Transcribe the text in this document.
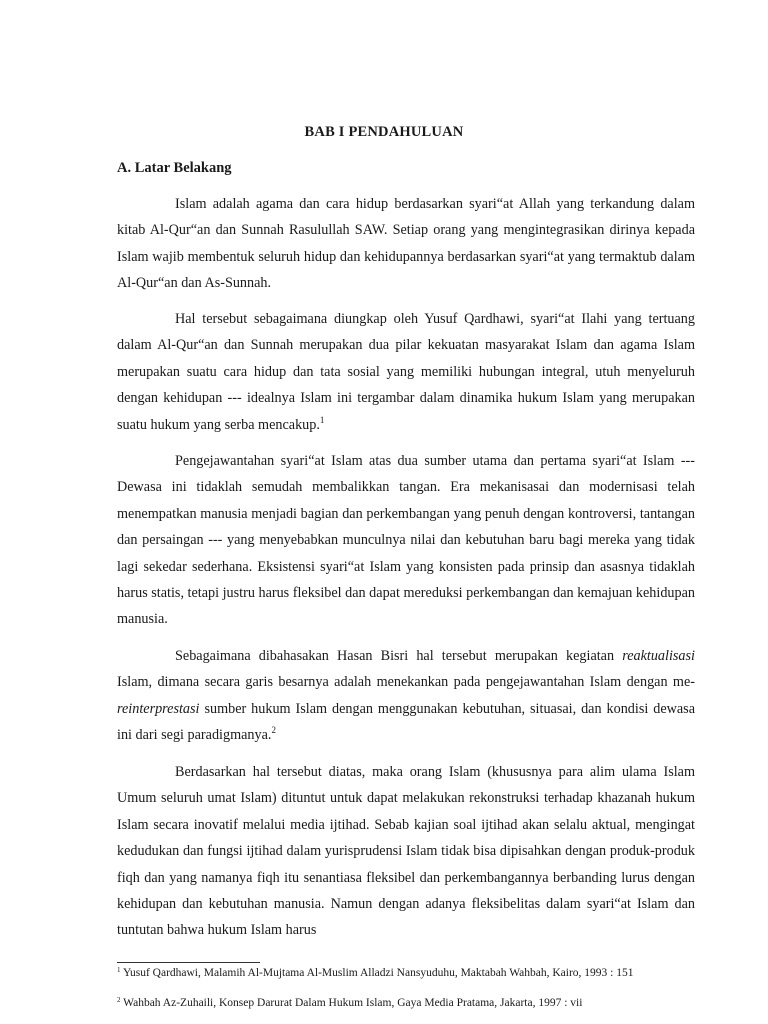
BAB I PENDAHULUAN
A. Latar Belakang

Islam adalah agama dan cara hidup berdasarkan syari“at Allah yang terkandung dalam kitab Al-Qur“an dan Sunnah Rasulullah SAW. Setiap orang yang mengintegrasikan dirinya kepada Islam wajib membentuk seluruh hidup dan kehidupannya berdasarkan syari“at yang termaktub dalam Al-Qur“an dan As-Sunnah.

Hal tersebut sebagaimana diungkap oleh Yusuf Qardhawi, syari“at Ilahi yang tertuang dalam Al-Qur“an dan Sunnah merupakan dua pilar kekuatan masyarakat Islam dan agama Islam merupakan suatu cara hidup dan tata sosial yang memiliki hubungan integral, utuh menyeluruh dengan kehidupan --- idealnya Islam ini tergambar dalam dinamika hukum Islam yang merupakan suatu hukum yang serba mencakup.$^1$

Pengejawantahan syari“at Islam atas dua sumber utama dan pertama syari“at Islam --- Dewasa ini tidaklah semudah membalikkan tangan. Era mekanisasai dan modernisasi telah menempatkan manusia menjadi bagian dan perkembangan yang penuh dengan kontroversi, tantangan dan persaingan --- yang menyebabkan munculnya nilai dan kebutuhan baru bagi mereka yang tidak lagi sekedar sederhana. Eksistensi syari“at Islam yang konsisten pada prinsip dan asasnya tidaklah harus statis, tetapi justru harus fleksibel dan dapat mereduksi perkembangan dan kemajuan kehidupan manusia.

Sebagaimana dibahasakan Hasan Bisri hal tersebut merupakan kegiatan reaktualisasi Islam, dimana secara garis besarnya adalah menekankan pada pengejawantahan Islam dengan me-reinterprestasi sumber hukum Islam dengan menggunakan kebutuhan, situasai, dan kondisi dewasa ini dari segi paradigmanya.$^2$

Berdasarkan hal tersebut diatas, maka orang Islam (khususnya para alim ulama Islam Umum seluruh umat Islam) dituntut untuk dapat melakukan rekonstruksi terhadap khazanah hukum Islam secara inovatif melalui media ijtihad. Sebab kajian soal ijtihad akan selalu aktual, mengingat kedudukan dan fungsi ijtihad dalam yurisprudensi Islam tidak bisa dipisahkan dengan produk-produk fiqh dan yang namanya fiqh itu senantiasa fleksibel dan perkembangannya berbanding lurus dengan kehidupan dan kebutuhan manusia. Namun dengan adanya fleksibelitas dalam syari“at Islam dan tuntutan bahwa hukum Islam harus

$^1$ Yusuf Qardhawi, Malamih Al-Mujtama Al-Muslim Alladzi Nansyuduhu, Maktabah Wahbah, Kairo, 1993 : 151

$^2$ Wahbah Az-Zuhaili, Konsep Darurat Dalam Hukum Islam, Gaya Media Pratama, Jakarta, 1997 : vii
